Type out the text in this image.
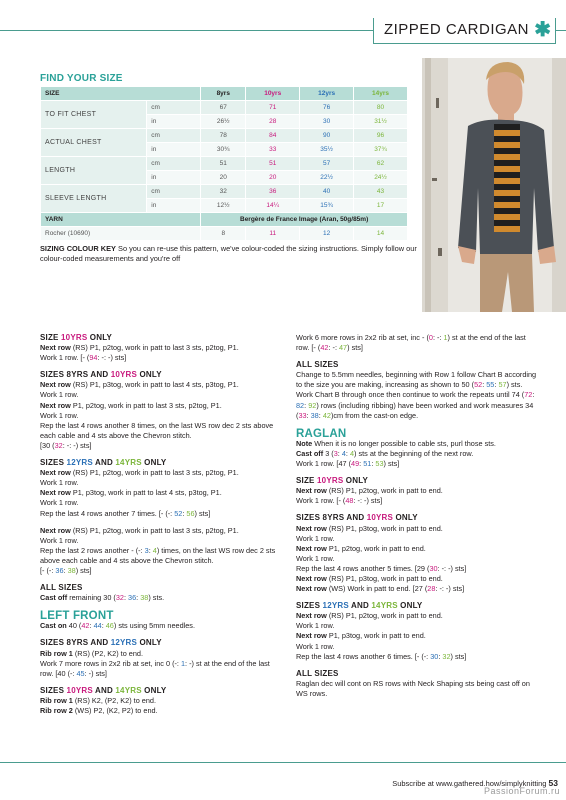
ZIPPED CARDIGAN ✱
FIND YOUR SIZE
SIZE		8yrs	10yrs	12yrs	14yrs
TO FIT CHEST	cm	67	71	76	80
	in	26½	28	30	31½
ACTUAL CHEST	cm	78	84	90	96
	in	30¾	33	35½	37¾
LENGTH	cm	51	51	57	62
	in	20	20	22½	24½
SLEEVE LENGTH	cm	32	36	40	43
	in	12½	14¼	15¾	17
YARN		Bergère de France Image (Aran, 50g/85m)			
Rocher (10690)		8	11	12	14
SIZING COLOUR KEY So you can re-use this pattern, we've colour-coded the sizing instructions. Simply follow our colour-coded measurements and you're off
SIZE 10YRS ONLY

Next row (RS) P1, p2tog, work in patt to last 3 sts, p2tog, P1.

Work 1 row. [- (94: -: -) sts]

SIZES 8YRS AND 10YRS ONLY

Next row (RS) P1, p3tog, work in patt to last 4 sts, p3tog, P1.

Work 1 row.

Next row P1, p2tog, work in patt to last 3 sts, p2tog, P1.

Work 1 row.

Rep the last 4 rows another 8 times, on the last WS row dec 2 sts above each cable and 4 sts above the Chevron stitch.

[30 (32: -: -) sts]

SIZES 12YRS AND 14YRS ONLY

Next row (RS) P1, p2tog, work in patt to last 3 sts, p2tog, P1.

Work 1 row.

Next row P1, p3tog, work in patt to last 4 sts, p3tog, P1.

Work 1 row.

Rep the last 4 rows another 7 times. [- (-: 52: 56) sts]

Next row (RS) P1, p2tog, work in patt to last 3 sts, p2tog, P1.

Work 1 row.

Rep the last 2 rows another - (-: 3: 4) times, on the last WS row dec 2 sts above each cable and 4 sts above the Chevron stitch.

[- (-: 36: 38) sts]

ALL SIZES

Cast off remaining 30 (32: 36: 38) sts.

LEFT FRONT

Cast on 40 (42: 44: 46) sts using 5mm needles.

SIZES 8YRS AND 12YRS ONLY

Rib row 1 (RS) (P2, K2) to end.

Work 7 more rows in 2x2 rib at set, inc 0 (-: 1: -) st at the end of the last row. [40 (-: 45: -) sts]

SIZES 10YRS AND 14YRS ONLY

Rib row 1 (RS) K2, (P2, K2) to end.

Rib row 2 (WS) P2, (K2, P2) to end.

Work 6 more rows in 2x2 rib at set, inc - (0: -: 1) st at the end of the last row. [- (42: -: 47) sts]

ALL SIZES

Change to 5.5mm needles, beginning with Row 1 follow Chart B according to the size you are making, increasing as shown to 50 (52: 55: 57) sts.

Work Chart B through once then continue to work the repeats until 74 (72: 82: 92) rows (including ribbing) have been worked and work measures 34 (33: 38: 42)cm from the cast-on edge.

RAGLAN

Note When it is no longer possible to cable sts, purl those sts.

Cast off 3 (3: 4: 4) sts at the beginning of the next row.

Work 1 row. [47 (49: 51: 53) sts]

SIZE 10YRS ONLY

Next row (RS) P1, p2tog, work in patt to end.

Work 1 row. [- (48: -: -) sts]

SIZES 8YRS AND 10YRS ONLY

Next row (RS) P1, p3tog, work in patt to end.

Work 1 row.

Next row P1, p2tog, work in patt to end.

Work 1 row.

Rep the last 4 rows another 5 times. [29 (30: -: -) sts]

Next row (RS) P1, p3tog, work in patt to end.

Next row (WS) Work in patt to end. [27 (28: -: -) sts]

SIZES 12YRS AND 14YRS ONLY

Next row (RS) P1, p2tog, work in patt to end.

Work 1 row.

Next row P1, p3tog, work in patt to end.

Work 1 row.

Rep the last 4 rows another 6 times. [- (-: 30: 32) sts]

ALL SIZES

Raglan dec will cont on RS rows with Neck Shaping sts being cast off on WS rows.

Subscribe at www.gathered.how/simplyknitting 53
PassionForum.ru
